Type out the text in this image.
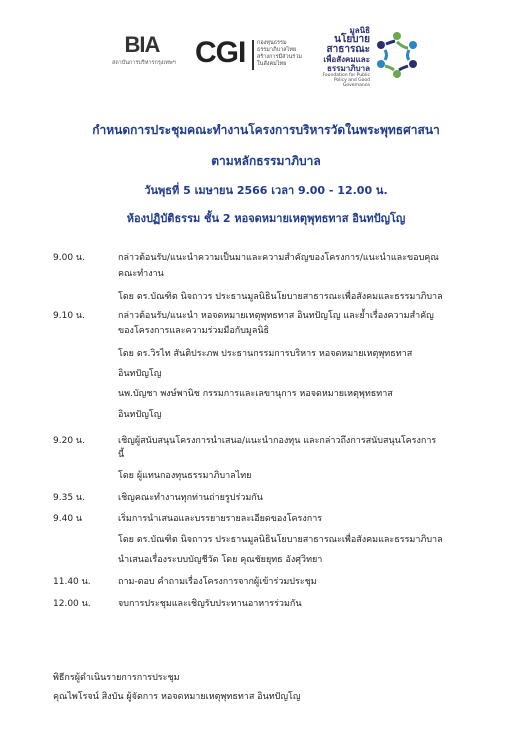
BIA
สถาบันการบริหารกรุงเทพฯ CGI กองทุนธรรม
ธรรมาภิบาลไทย
สร้างการมีส่วนร่วม
ในสังคมไทย
มูลนิธิ
นโยบาย
สาธารณะ
เพื่อสังคมและ
ธรรมาภิบาล
Foundation for Public Policy and Good Governance
กำหนดการประชุมคณะทำงานโครงการบริหารวัดในพระพุทธศาสนา
ตามหลักธรรมาภิบาล
วันพุธที่ 5 เมษายน 2566 เวลา 9.00 - 12.00 น.
ห้องปฏิบัติธรรม ชั้น 2 หอจดหมายเหตุพุทธทาส อินทปัญโญ
9.00 น.	กล่าวต้อนรับ/แนะนำความเป็นมาและความสำคัญของโครงการ/แนะนำและขอบคุณ
คณะทำงาน
โดย ดร.บัณฑิต นิจถาวร ประธานมูลนิธินโยบายสาธารณะเพื่อสังคมและธรรมาภิบาล
9.10 น.	กล่าวต้อนรับ/แนะนำ หอจดหมายเหตุพุทธทาส อินทปัญโญ และย้ำเรื่องความสำคัญ
ของโครงการและความร่วมมือกับมูลนิธิ
โดย ดร.วิรไท สันติประภพ ประธานกรรมการบริหาร หอจดหมายเหตุพุทธทาส
อินทปัญโญ
นพ.บัญชา พงษ์พานิช กรรมการและเลขานุการ หอจดหมายเหตุพุทธทาส
อินทปัญโญ
9.20 น.	เชิญผู้สนับสนุนโครงการนำเสนอ/แนะนำกองทุน และกล่าวถึงการสนับสนุนโครงการ
นี้
โดย ผู้แทนกองทุนธรรมาภิบาลไทย
9.35 น.	เชิญคณะทำงานทุกท่านถ่ายรูปร่วมกัน
9.40 น	เริ่มการนำเสนอและบรรยายรายละเอียดของโครงการ
โดย ดร.บัณฑิต นิจถาวร ประธานมูลนิธินโยบายสาธารณะเพื่อสังคมและธรรมาภิบาล
นำเสนอเรื่องระบบบัญชีวัด โดย คุณชัยยุทธ อังศุวิทยา
11.40 น.	ถาม-ตอบ คำถามเรื่องโครงการจากผู้เข้าร่วมประชุม
12.00 น.	จบการประชุมและเชิญรับประทานอาหารร่วมกัน
พิธีกรผู้ดำเนินรายการการประชุม
คุณไพโรจน์ สิงบัน ผู้จัดการ หอจดหมายเหตุพุทธทาส อินทปัญโญ
